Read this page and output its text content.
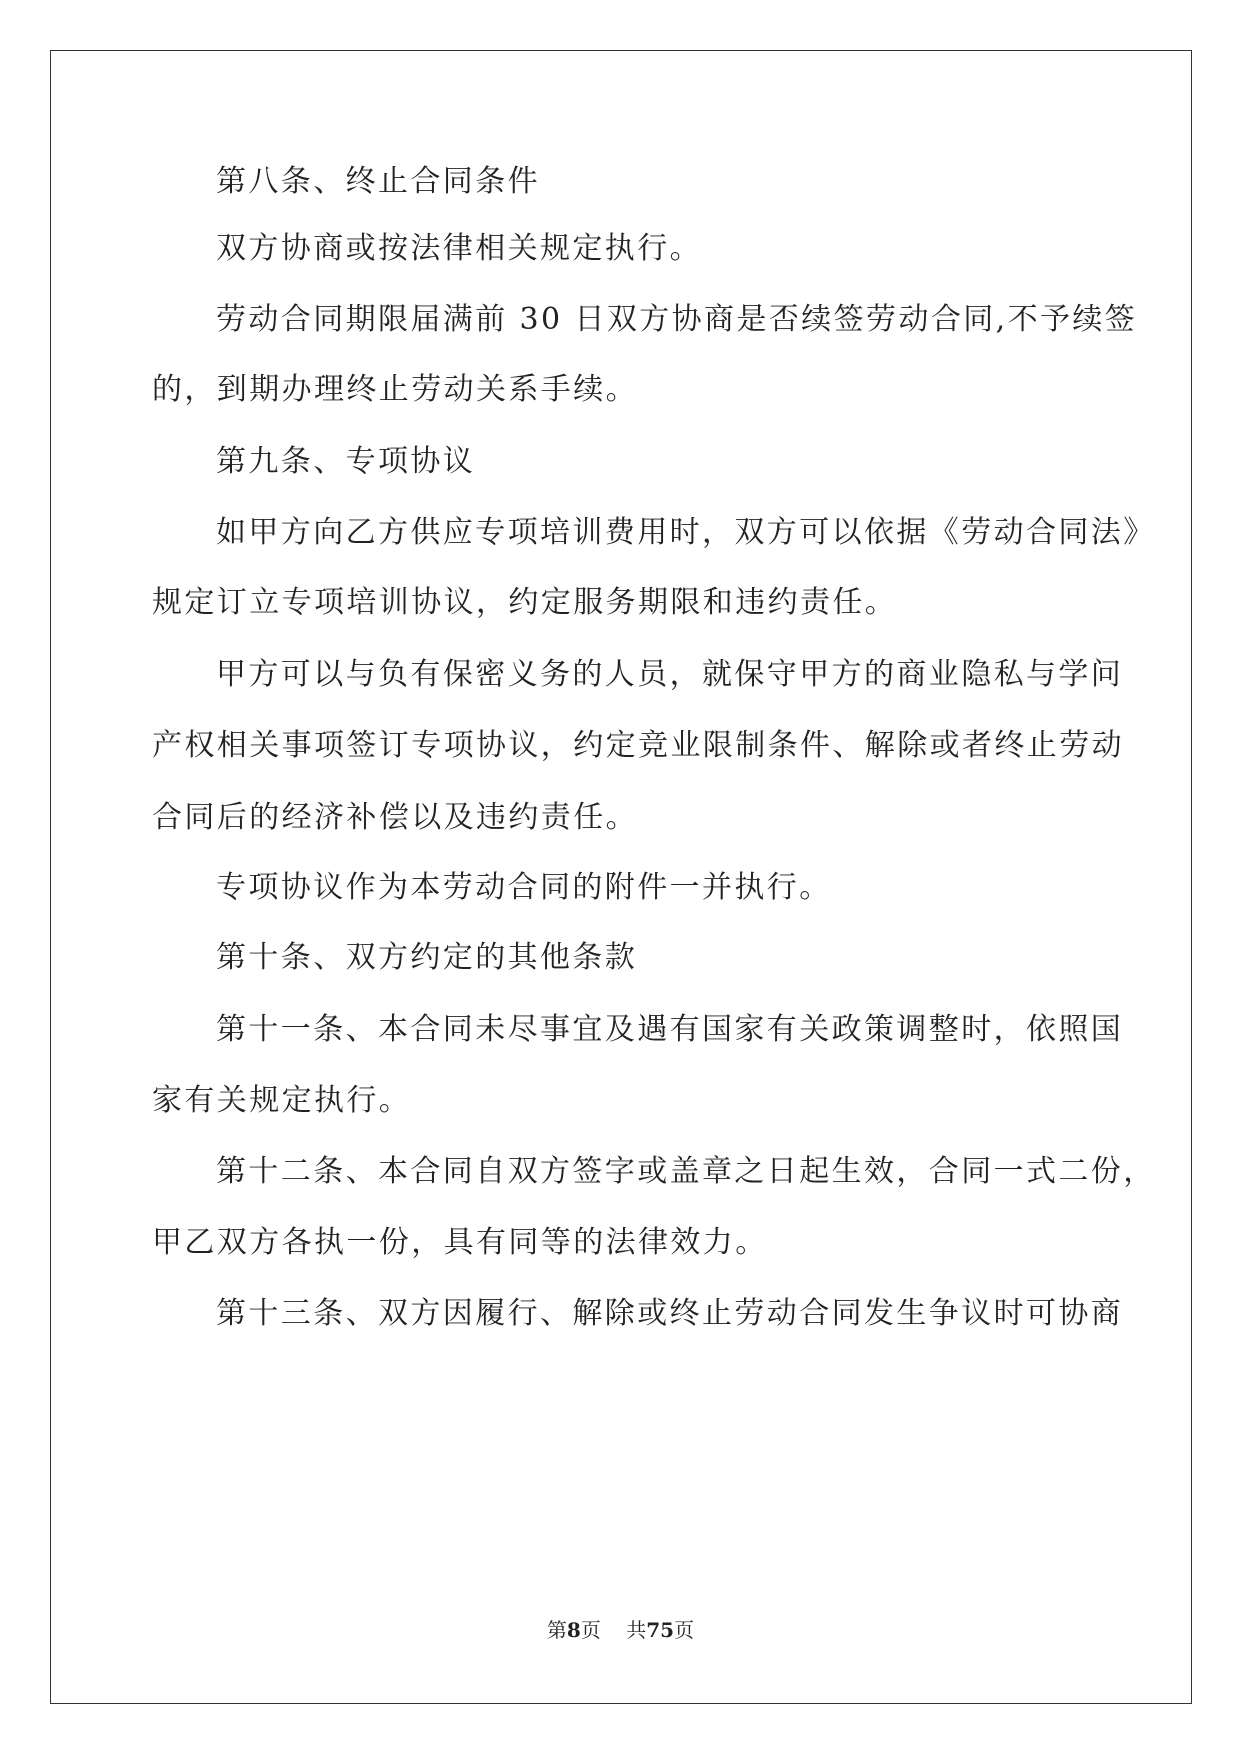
第八条、终止合同条件
双方协商或按法律相关规定执行。
劳动合同期限届满前 30 日双方协商是否续签劳动合同,不予续签
的，到期办理终止劳动关系手续。
第九条、专项协议
如甲方向乙方供应专项培训费用时，双方可以依据《劳动合同法》
规定订立专项培训协议，约定服务期限和违约责任。
甲方可以与负有保密义务的人员，就保守甲方的商业隐私与学问
产权相关事项签订专项协议，约定竞业限制条件、解除或者终止劳动
合同后的经济补偿以及违约责任。
专项协议作为本劳动合同的附件一并执行。
第十条、双方约定的其他条款
第十一条、本合同未尽事宜及遇有国家有关政策调整时，依照国
家有关规定执行。
第十二条、本合同自双方签字或盖章之日起生效，合同一式二份，
甲乙双方各执一份，具有同等的法律效力。
第十三条、双方因履行、解除或终止劳动合同发生争议时可协商
第8页    共75页
